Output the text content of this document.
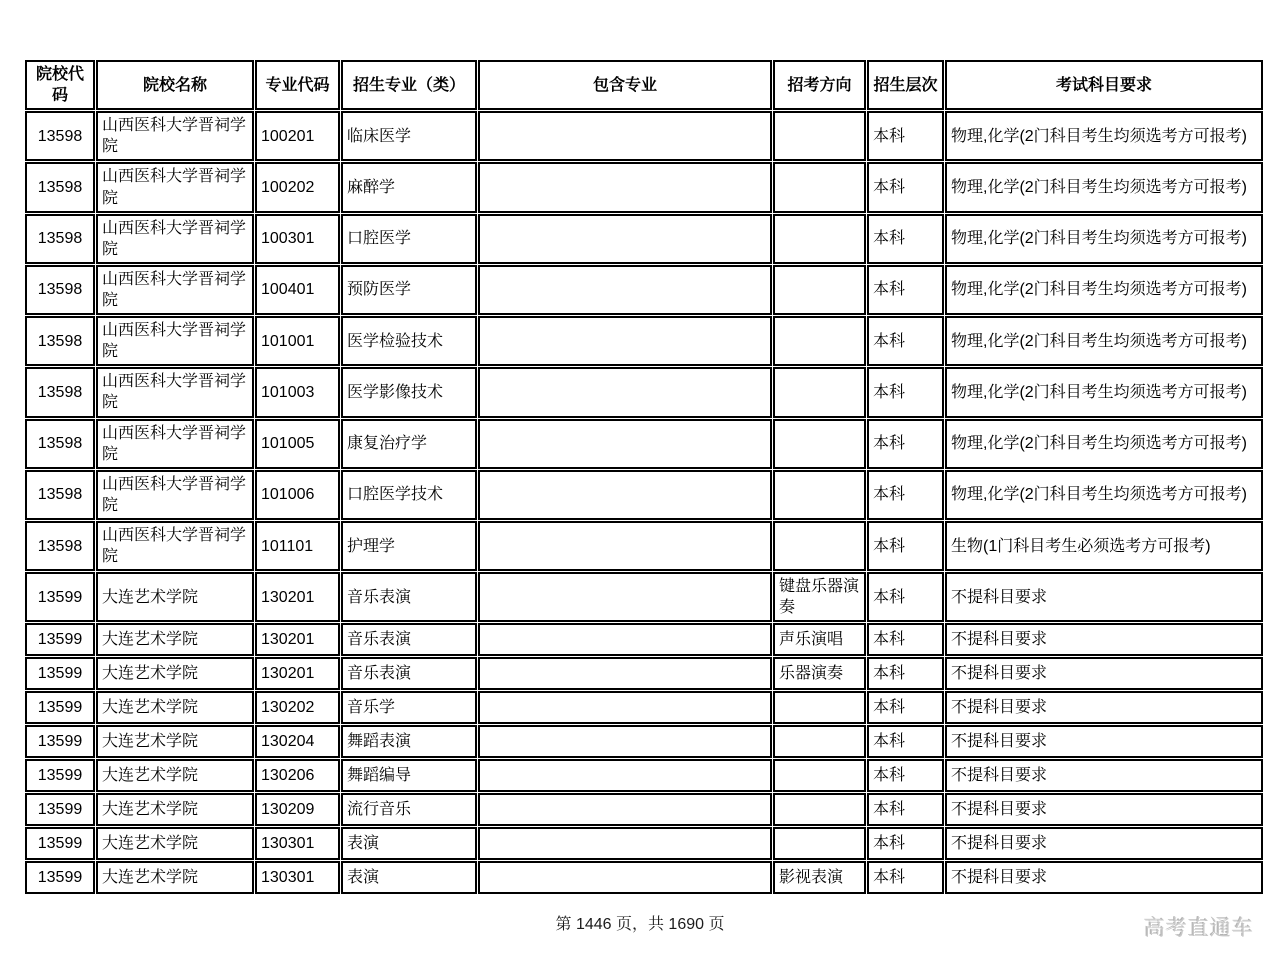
院校代码	院校名称	专业代码	招生专业（类）	包含专业	招考方向	招生层次	考试科目要求
13598	山西医科大学晋祠学院	100201	临床医学			本科	物理,化学(2门科目考生均须选考方可报考)
13598	山西医科大学晋祠学院	100202	麻醉学			本科	物理,化学(2门科目考生均须选考方可报考)
13598	山西医科大学晋祠学院	100301	口腔医学			本科	物理,化学(2门科目考生均须选考方可报考)
13598	山西医科大学晋祠学院	100401	预防医学			本科	物理,化学(2门科目考生均须选考方可报考)
13598	山西医科大学晋祠学院	101001	医学检验技术			本科	物理,化学(2门科目考生均须选考方可报考)
13598	山西医科大学晋祠学院	101003	医学影像技术			本科	物理,化学(2门科目考生均须选考方可报考)
13598	山西医科大学晋祠学院	101005	康复治疗学			本科	物理,化学(2门科目考生均须选考方可报考)
13598	山西医科大学晋祠学院	101006	口腔医学技术			本科	物理,化学(2门科目考生均须选考方可报考)
13598	山西医科大学晋祠学院	101101	护理学			本科	生物(1门科目考生必须选考方可报考)
13599	大连艺术学院	130201	音乐表演		键盘乐器演奏	本科	不提科目要求
13599	大连艺术学院	130201	音乐表演		声乐演唱	本科	不提科目要求
13599	大连艺术学院	130201	音乐表演		乐器演奏	本科	不提科目要求
13599	大连艺术学院	130202	音乐学			本科	不提科目要求
13599	大连艺术学院	130204	舞蹈表演			本科	不提科目要求
13599	大连艺术学院	130206	舞蹈编导			本科	不提科目要求
13599	大连艺术学院	130209	流行音乐			本科	不提科目要求
13599	大连艺术学院	130301	表演			本科	不提科目要求
13599	大连艺术学院	130301	表演		影视表演	本科	不提科目要求
第 1446 页，共 1690 页	高考直通车
